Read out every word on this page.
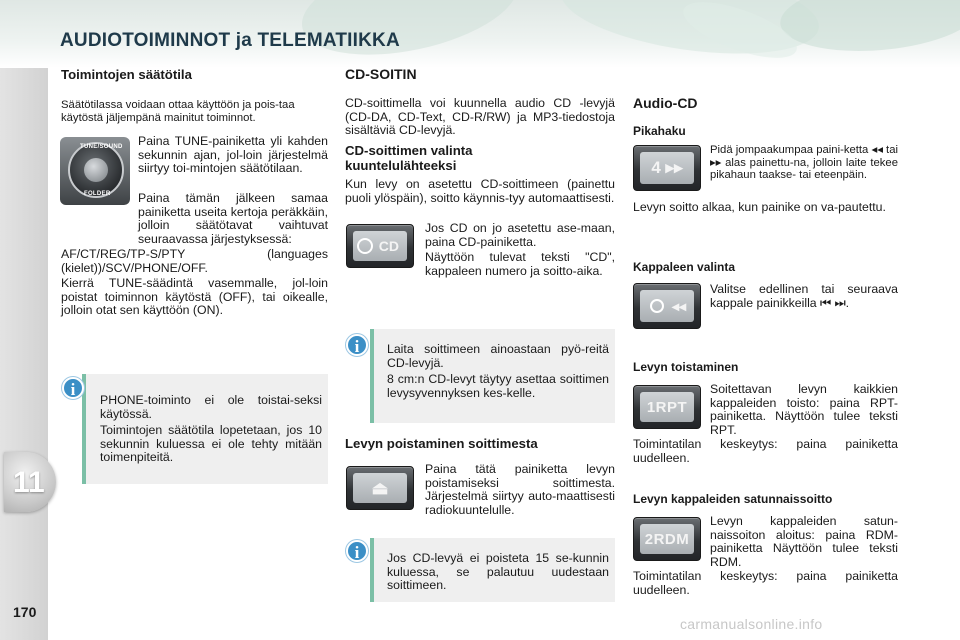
AUDIOTOIMINNOT ja TELEMATIIKKA
11
170
Toimintojen säätötila
Säätötilassa voidaan ottaa käyttöön ja pois-taa käytöstä jäljempänä mainitut toiminnot.
TUNE/SOUND
FOLDER
Paina TUNE-painiketta yli kahden sekunnin ajan, jol-loin järjestelmä siirtyy toi-mintojen säätötilaan.
Paina tämän jälkeen samaa painiketta useita kertoja peräkkäin, jolloin säätötavat vaihtuvat seuraavassa järjestyksessä:
AF/CT/REG/TP-S/PTY (languages (kielet))/SCV/PHONE/OFF.
Kierrä TUNE-säädintä vasemmalle, jol-loin poistat toiminnon käytöstä (OFF), tai oikealle, jolloin otat sen käyttöön (ON).

PHONE-toiminto ei ole toistai-seksi käytössä.

Toimintojen säätötila lopetetaan, jos 10 sekunnin kuluessa ei ole tehty mitään toimenpiteitä.

i
CD-SOITIN
CD-soittimella voi kuunnella audio CD -levyjä (CD-DA, CD-Text, CD-R/RW) ja MP3-tiedostoja sisältäviä CD-levyjä.
CD-soittimen valinta kuuntelulähteeksi
Kun levy on asetettu CD-soittimeen (painettu puoli ylöspäin), soitto käynnis-tyy automaattisesti.
CD
Jos CD on jo asetettu ase-maan, paina CD-painiketta.
Näyttöön tulevat teksti "CD", kappaleen numero ja soitto-aika.

Laita soittimeen ainoastaan pyö-reitä CD-levyjä.

8 cm:n CD-levyt täytyy asettaa soittimen levysyvennyksen kes-kelle.

i
Levyn poistaminen soittimesta
⏏
Paina tätä painiketta levyn poistamiseksi soittimesta. Järjestelmä siirtyy auto-maattisesti radiokuuntelulle.

Jos CD-levyä ei poisteta 15 se-kunnin kuluessa, se palautuu uudestaan soittimeen.

i
Audio-CD
Pikahaku
4 ▸▸
Pidä jompaakumpaa paini-ketta ◂◂ tai ▸▸ alas painettu-na, jolloin laite tekee pikahaun taakse- tai eteenpäin.
Levyn soitto alkaa, kun painike on va-pautettu.
Kappaleen valinta
◂◂
Valitse edellinen tai seuraava kappale painikkeilla ⏮ ⏭.
Levyn toistaminen
1RPT
Soitettavan levyn kaikkien kappaleiden toisto: paina RPT-painiketta. Näyttöön tulee teksti RPT.
Toimintatilan keskeytys: paina painiketta uudelleen.
Levyn kappaleiden satunnaissoitto
2RDM
Levyn kappaleiden satun-naissoiton aloitus: paina RDM-painiketta Näyttöön tulee teksti RDM.
Toimintatilan keskeytys: paina painiketta uudelleen.
carmanualsonline.info
